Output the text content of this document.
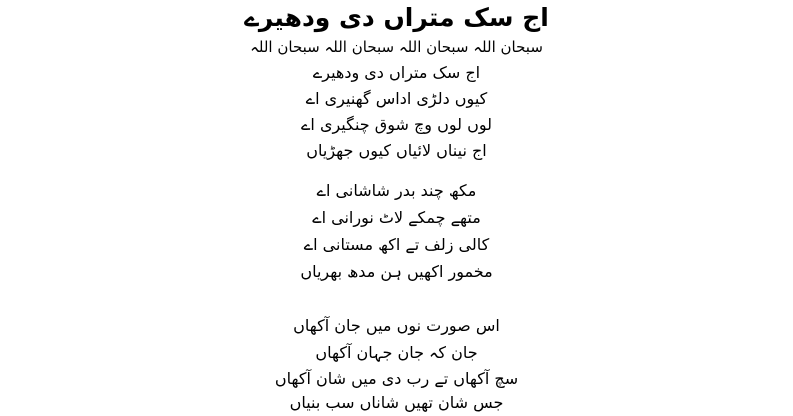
اج سک متراں دی ودھیرے
سبحان اللہ سبحان اللہ سبحان اللہ سبحان اللہ
اج سک متراں دی ودھیرے
کیوں دلڑی اداس گھنیری اے
لوں لوں وچ شوق چنگیری اے
اج نیناں لائیاں کیوں جھڑیاں
مکھ چند بدر شاشانی اے
متھے چمکے لاٹ نورانی اے
کالی زلف تے اکھ مستانی اے
مخمور اکھیں ہن مدھ بھریاں
اس صورت نوں میں جان آکھاں
جان کہ جان جہان آکھاں
سچ آکھاں تے رب دی میں شان آکھاں
جس شان تھیں شاناں سب بنیاں
